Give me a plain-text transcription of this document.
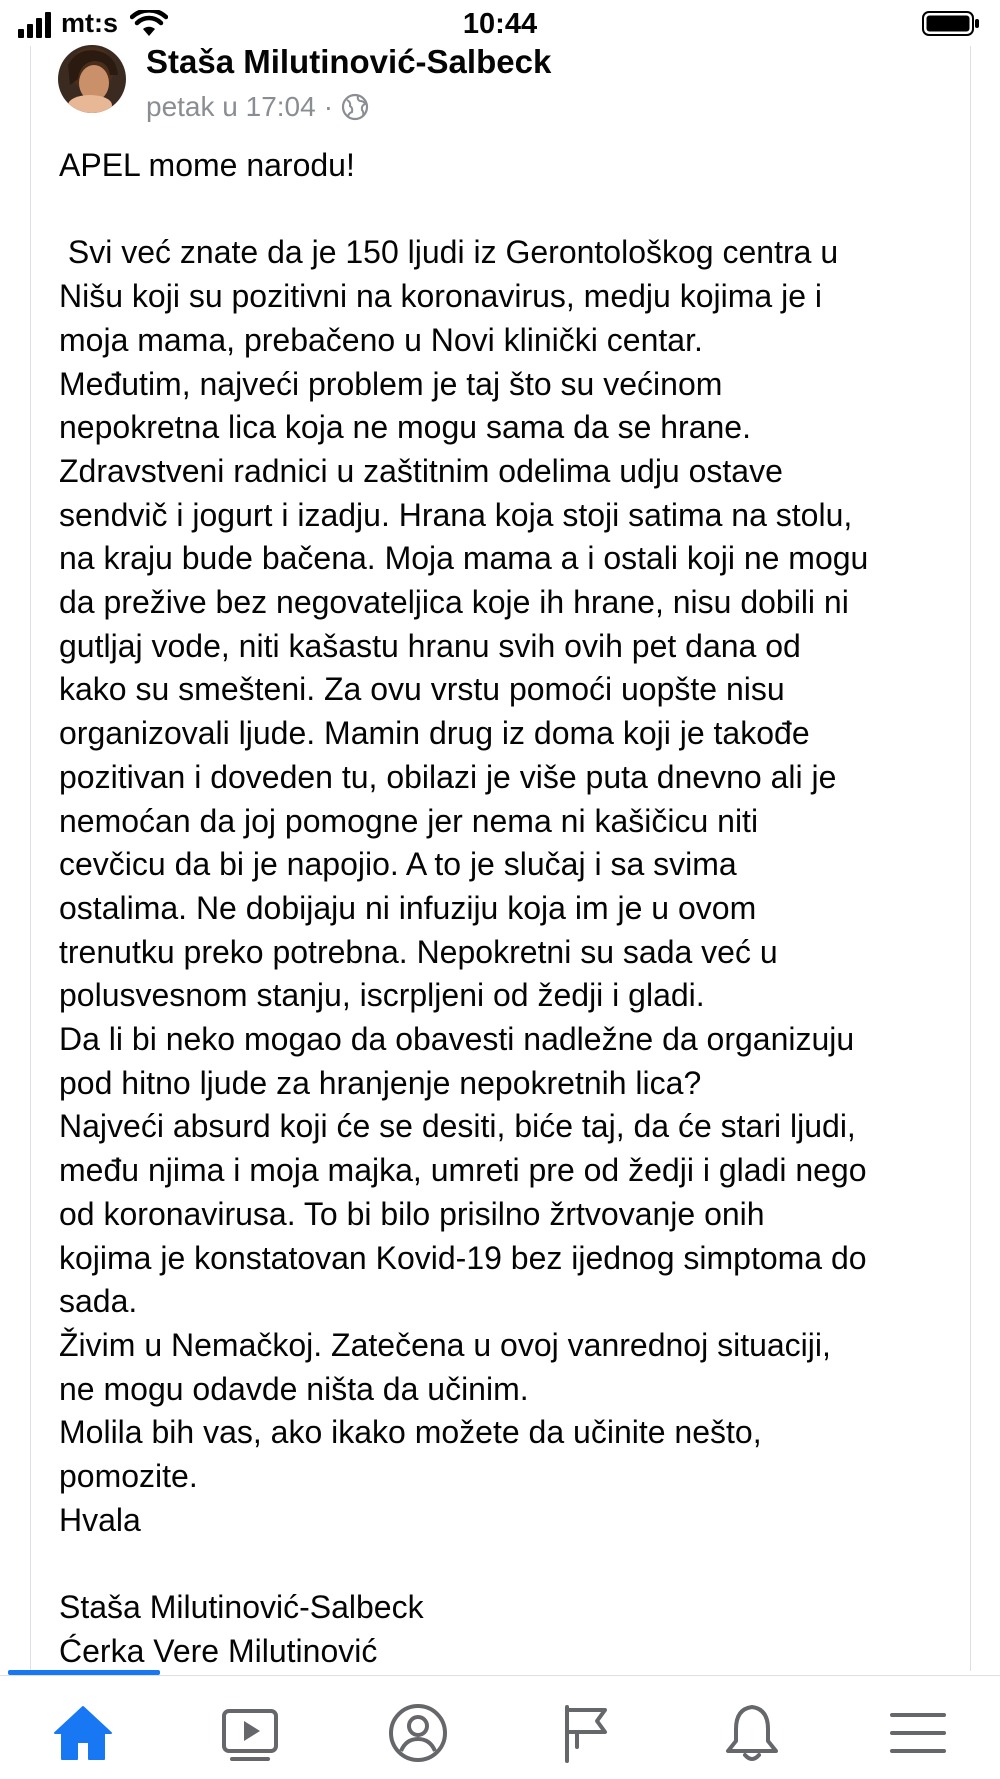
mt:s	10:44
Staša Milutinović-Salbeck
petak u 17:04 ·

APEL mome narodu!

Svi već znate da je 150 ljudi iz Gerontološkog centra u

Nišu koji su pozitivni na koronavirus, medju kojima je i

moja mama, prebačeno u Novi klinički centar.

Međutim, najveći problem je taj što su većinom

nepokretna lica koja ne mogu sama da se hrane.

Zdravstveni radnici u zaštitnim odelima udju ostave

sendvič i jogurt i izadju. Hrana koja stoji satima na stolu,

na kraju bude bačena. Moja mama a i ostali koji ne mogu

da prežive bez negovateljica koje ih hrane, nisu dobili ni

gutljaj vode, niti kašastu hranu svih ovih pet dana od

kako su smešteni. Za ovu vrstu pomoći uopšte nisu

organizovali ljude. Mamin drug iz doma koji je takođe

pozitivan i doveden tu, obilazi je više puta dnevno ali je

nemoćan da joj pomogne jer nema ni kašičicu niti

cevčicu da bi je napojio. A to je slučaj i sa svima

ostalima. Ne dobijaju ni infuziju koja im je u ovom

trenutku preko potrebna. Nepokretni su sada već u

polusvesnom stanju, iscrpljeni od žedji i gladi.

Da li bi neko mogao da obavesti nadležne da organizuju

pod hitno ljude za hranjenje nepokretnih lica?

Najveći absurd koji će se desiti, biće taj, da će stari ljudi,

među njima i moja majka, umreti pre od žedji i gladi nego

od koronavirusa. To bi bilo prisilno žrtvovanje onih

kojima je konstatovan Kovid-19 bez ijednog simptoma do

sada.

Živim u Nemačkoj. Zatečena u ovoj vanrednoj situaciji,

ne mogu odavde ništa da učinim.

Molila bih vas, ako ikako možete da učinite nešto,

pomozite.

Hvala

Staša Milutinović-Salbeck

Ćerka Vere Milutinović
